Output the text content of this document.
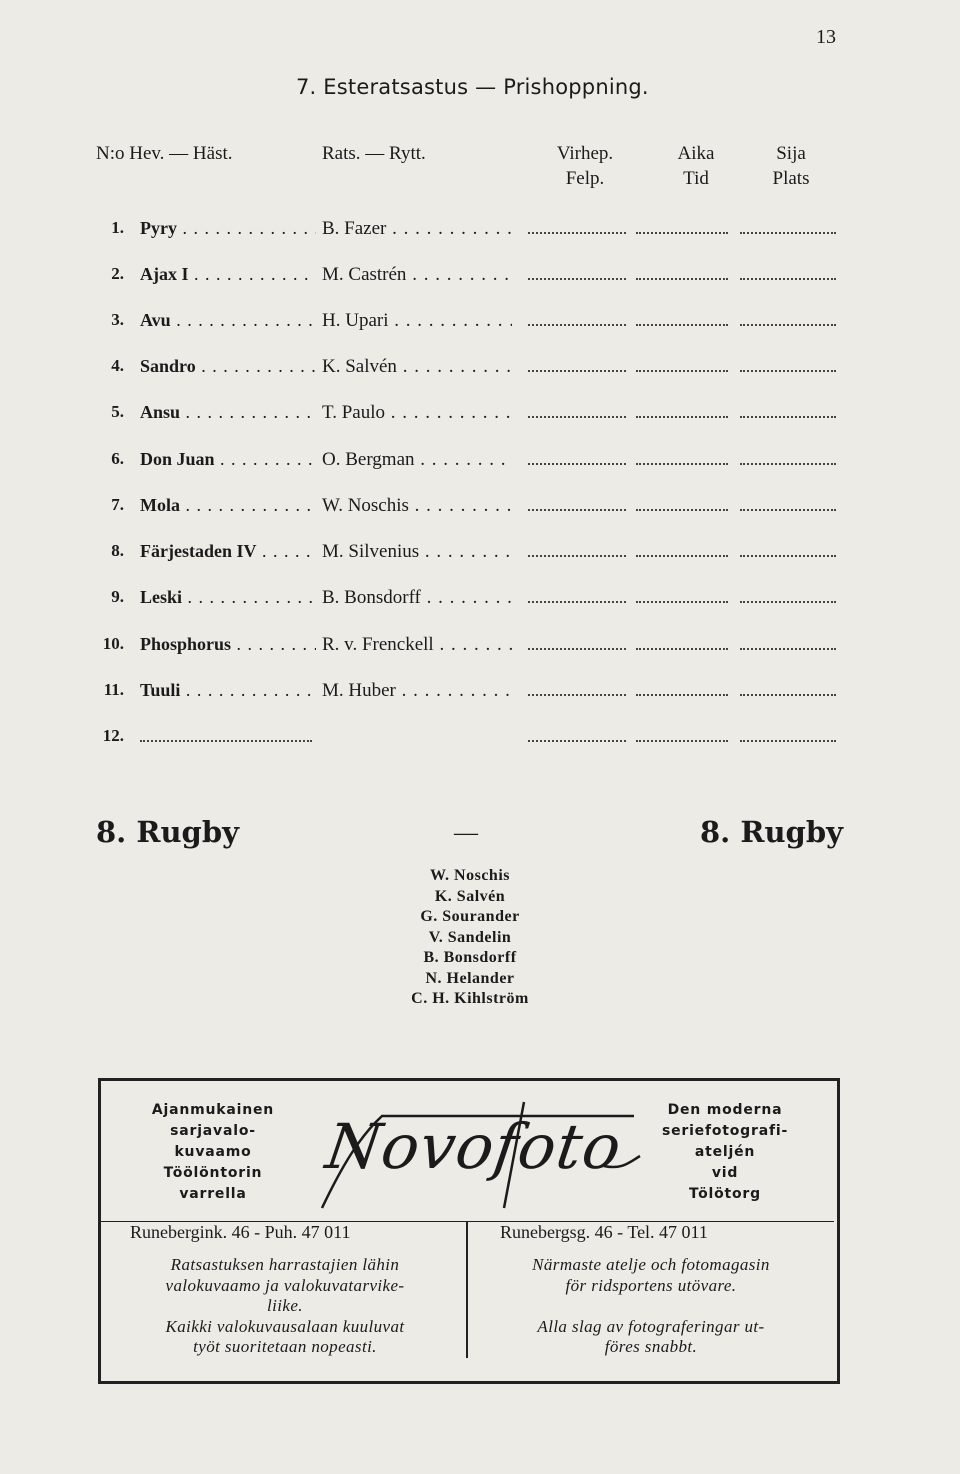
13
7. Esteratsastus — Prishoppning.
N:o Hev. — Häst.	Rats. — Rytt.	Virhep.	Aika	Sija
Felp.	Tid	Plats
1. Pyry . . .	B. Fazer . . .
2. Ajax I . . .	M. Castrén . . .
3. Avu . . .	H. Upari . . .
4. Sandro . . .	K. Salvén . . .
5. Ansu . . .	T. Paulo . . .
6. Don Juan . . .	O. Bergman . . .
7. Mola . . .	W. Noschis . . .
8. Färjestaden IV . . .	M. Silvenius . . .
9. Leski . . .	B. Bonsdorff . . .
10. Phosphorus . . .	R. v. Frenckell . . .
11. Tuuli . . .	M. Huber . . .
12.
8. Rugby	—	8. Rugby
W. Noschis
K. Salvén
G. Sourander
V. Sandelin
B. Bonsdorff
N. Helander
C. H. Kihlström
Ajanmukainen
sarjavalo-
kuvaamo
Töölöntorin
varrella
Novofoto	Den moderna
seriefotografi-
ateljén
vid
Tölötorg
Runebergink. 46 - Puh. 47 011	Runebergsg. 46 - Tel. 47 011
Ratsastuksen harrastajien lähin
valokuvaamo ja valokuvatarvike-
liike.
Kaikki valokuvausalaan kuuluvat
työt suoritetaan nopeasti.
Närmaste atelje och fotomagasin
för ridsportens utövare.
Alla slag av fotograferingar ut-
föres snabbt.
